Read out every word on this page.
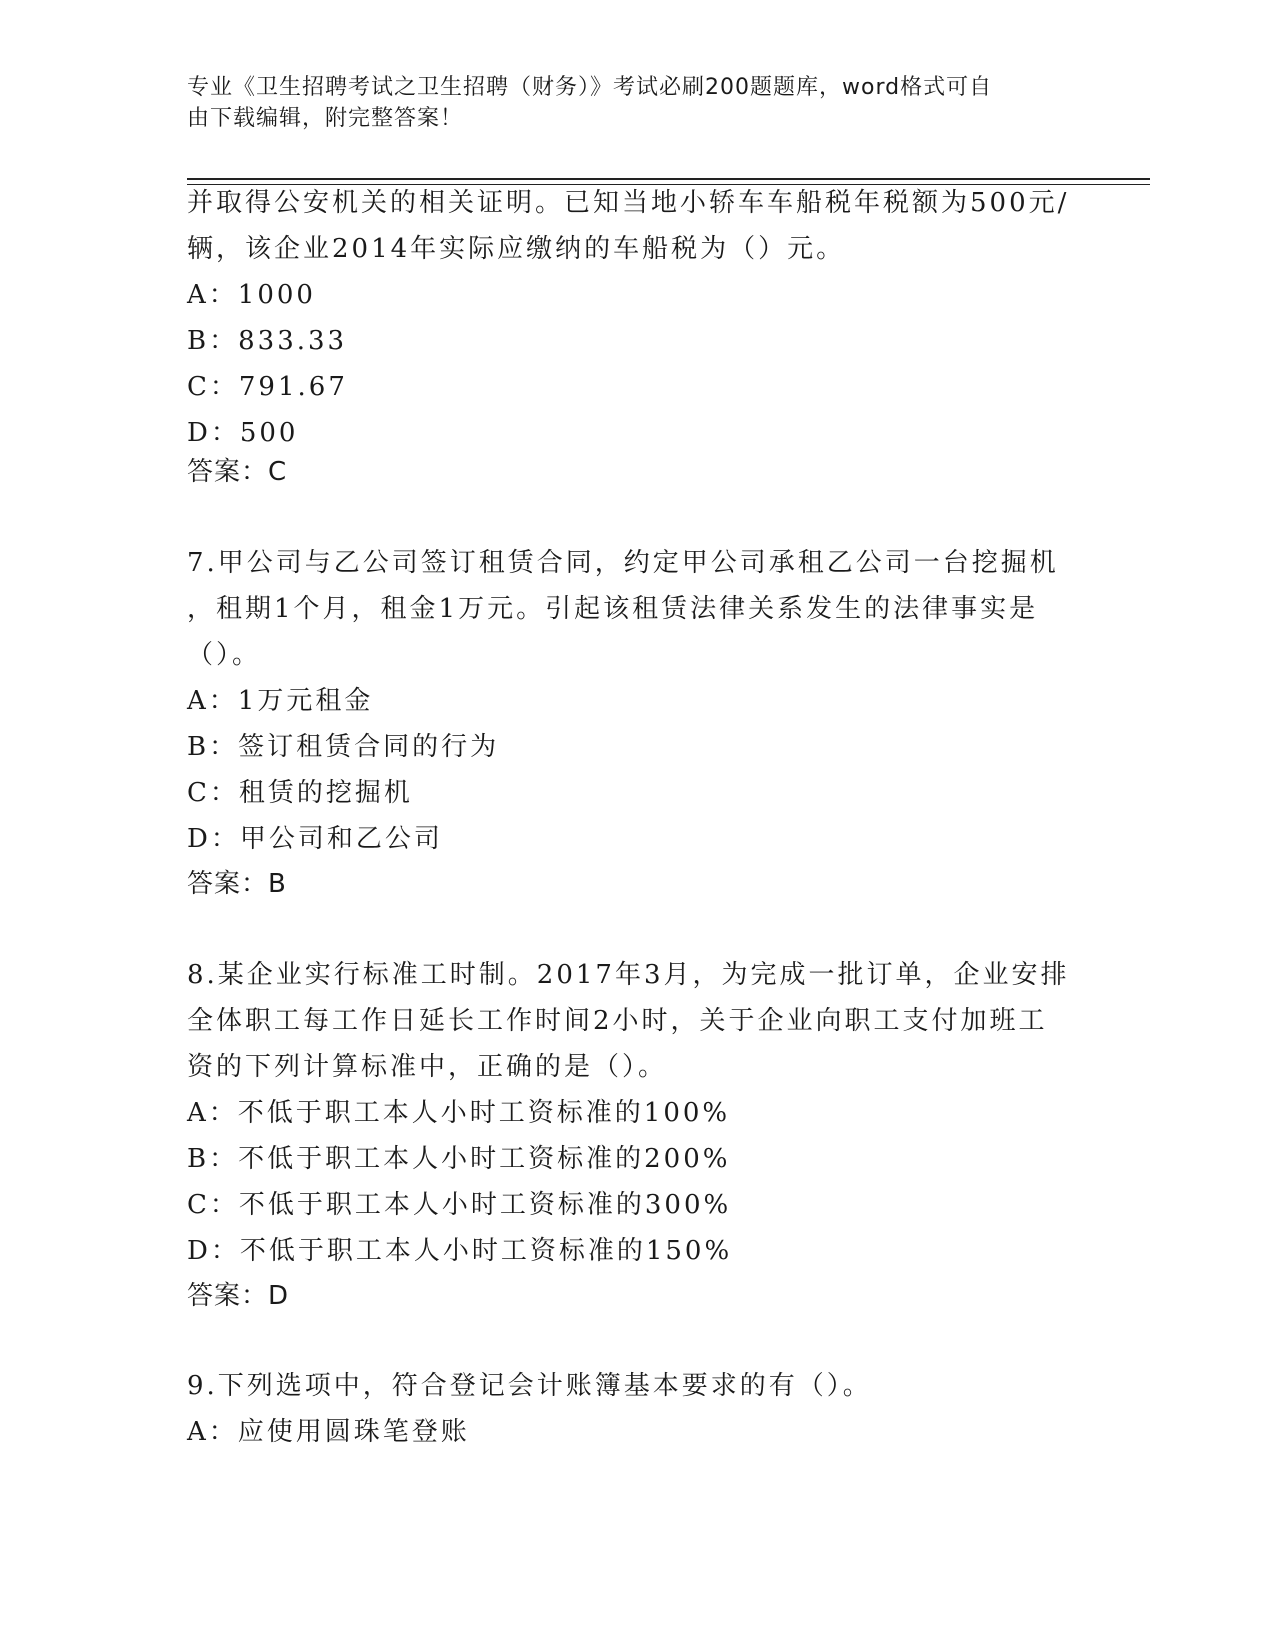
专业《卫生招聘考试之卫生招聘（财务）》考试必刷200题题库，word格式可自
由下载编辑，附完整答案！
并取得公安机关的相关证明。已知当地小轿车车船税年税额为500元/
辆，该企业2014年实际应缴纳的车船税为（）元。
A：1000
B：833.33
C：791.67
D：500
答案：C
7.甲公司与乙公司签订租赁合同，约定甲公司承租乙公司一台挖掘机
，租期1个月，租金1万元。引起该租赁法律关系发生的法律事实是
（）。
A：1万元租金
B：签订租赁合同的行为
C：租赁的挖掘机
D：甲公司和乙公司
答案：B
8.某企业实行标准工时制。2017年3月，为完成一批订单，企业安排
全体职工每工作日延长工作时间2小时，关于企业向职工支付加班工
资的下列计算标准中，正确的是（）。
A：不低于职工本人小时工资标准的100%
B：不低于职工本人小时工资标准的200%
C：不低于职工本人小时工资标准的300%
D：不低于职工本人小时工资标准的150%
答案：D
9.下列选项中，符合登记会计账簿基本要求的有（）。
A：应使用圆珠笔登账
